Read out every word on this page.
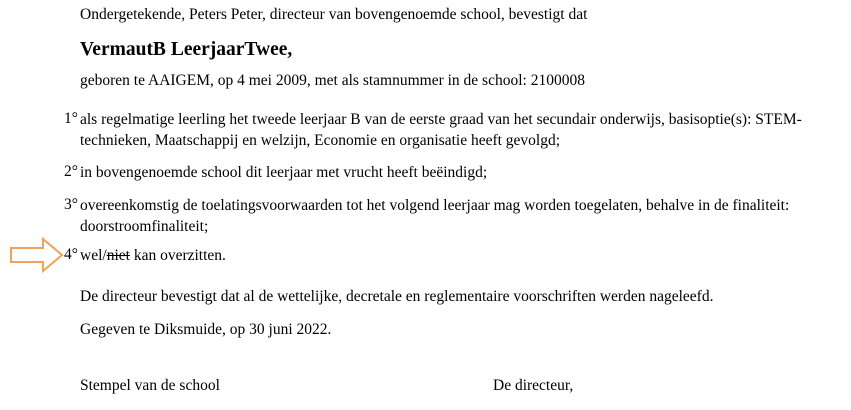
Ondergetekende, Peters Peter, directeur van bovengenoemde school, bevestigt dat
VermautB LeerjaarTwee,
geboren te AAIGEM, op 4 mei 2009, met als stamnummer in de school: 2100008
1° als regelmatige leerling het tweede leerjaar B van de eerste graad van het secundair onderwijs, basisoptie(s): STEM-technieken, Maatschappij en welzijn, Economie en organisatie heeft gevolgd;
2° in bovengenoemde school dit leerjaar met vrucht heeft beëindigd;
3° overeenkomstig de toelatingsvoorwaarden tot het volgend leerjaar mag worden toegelaten, behalve in de finaliteit: doorstroomfinaliteit;
4° wel/niet kan overzitten.
De directeur bevestigt dat al de wettelijke, decretale en reglementaire voorschriften werden nageleefd.
Gegeven te Diksmuide, op 30 juni 2022.
Stempel van de school	De directeur,
